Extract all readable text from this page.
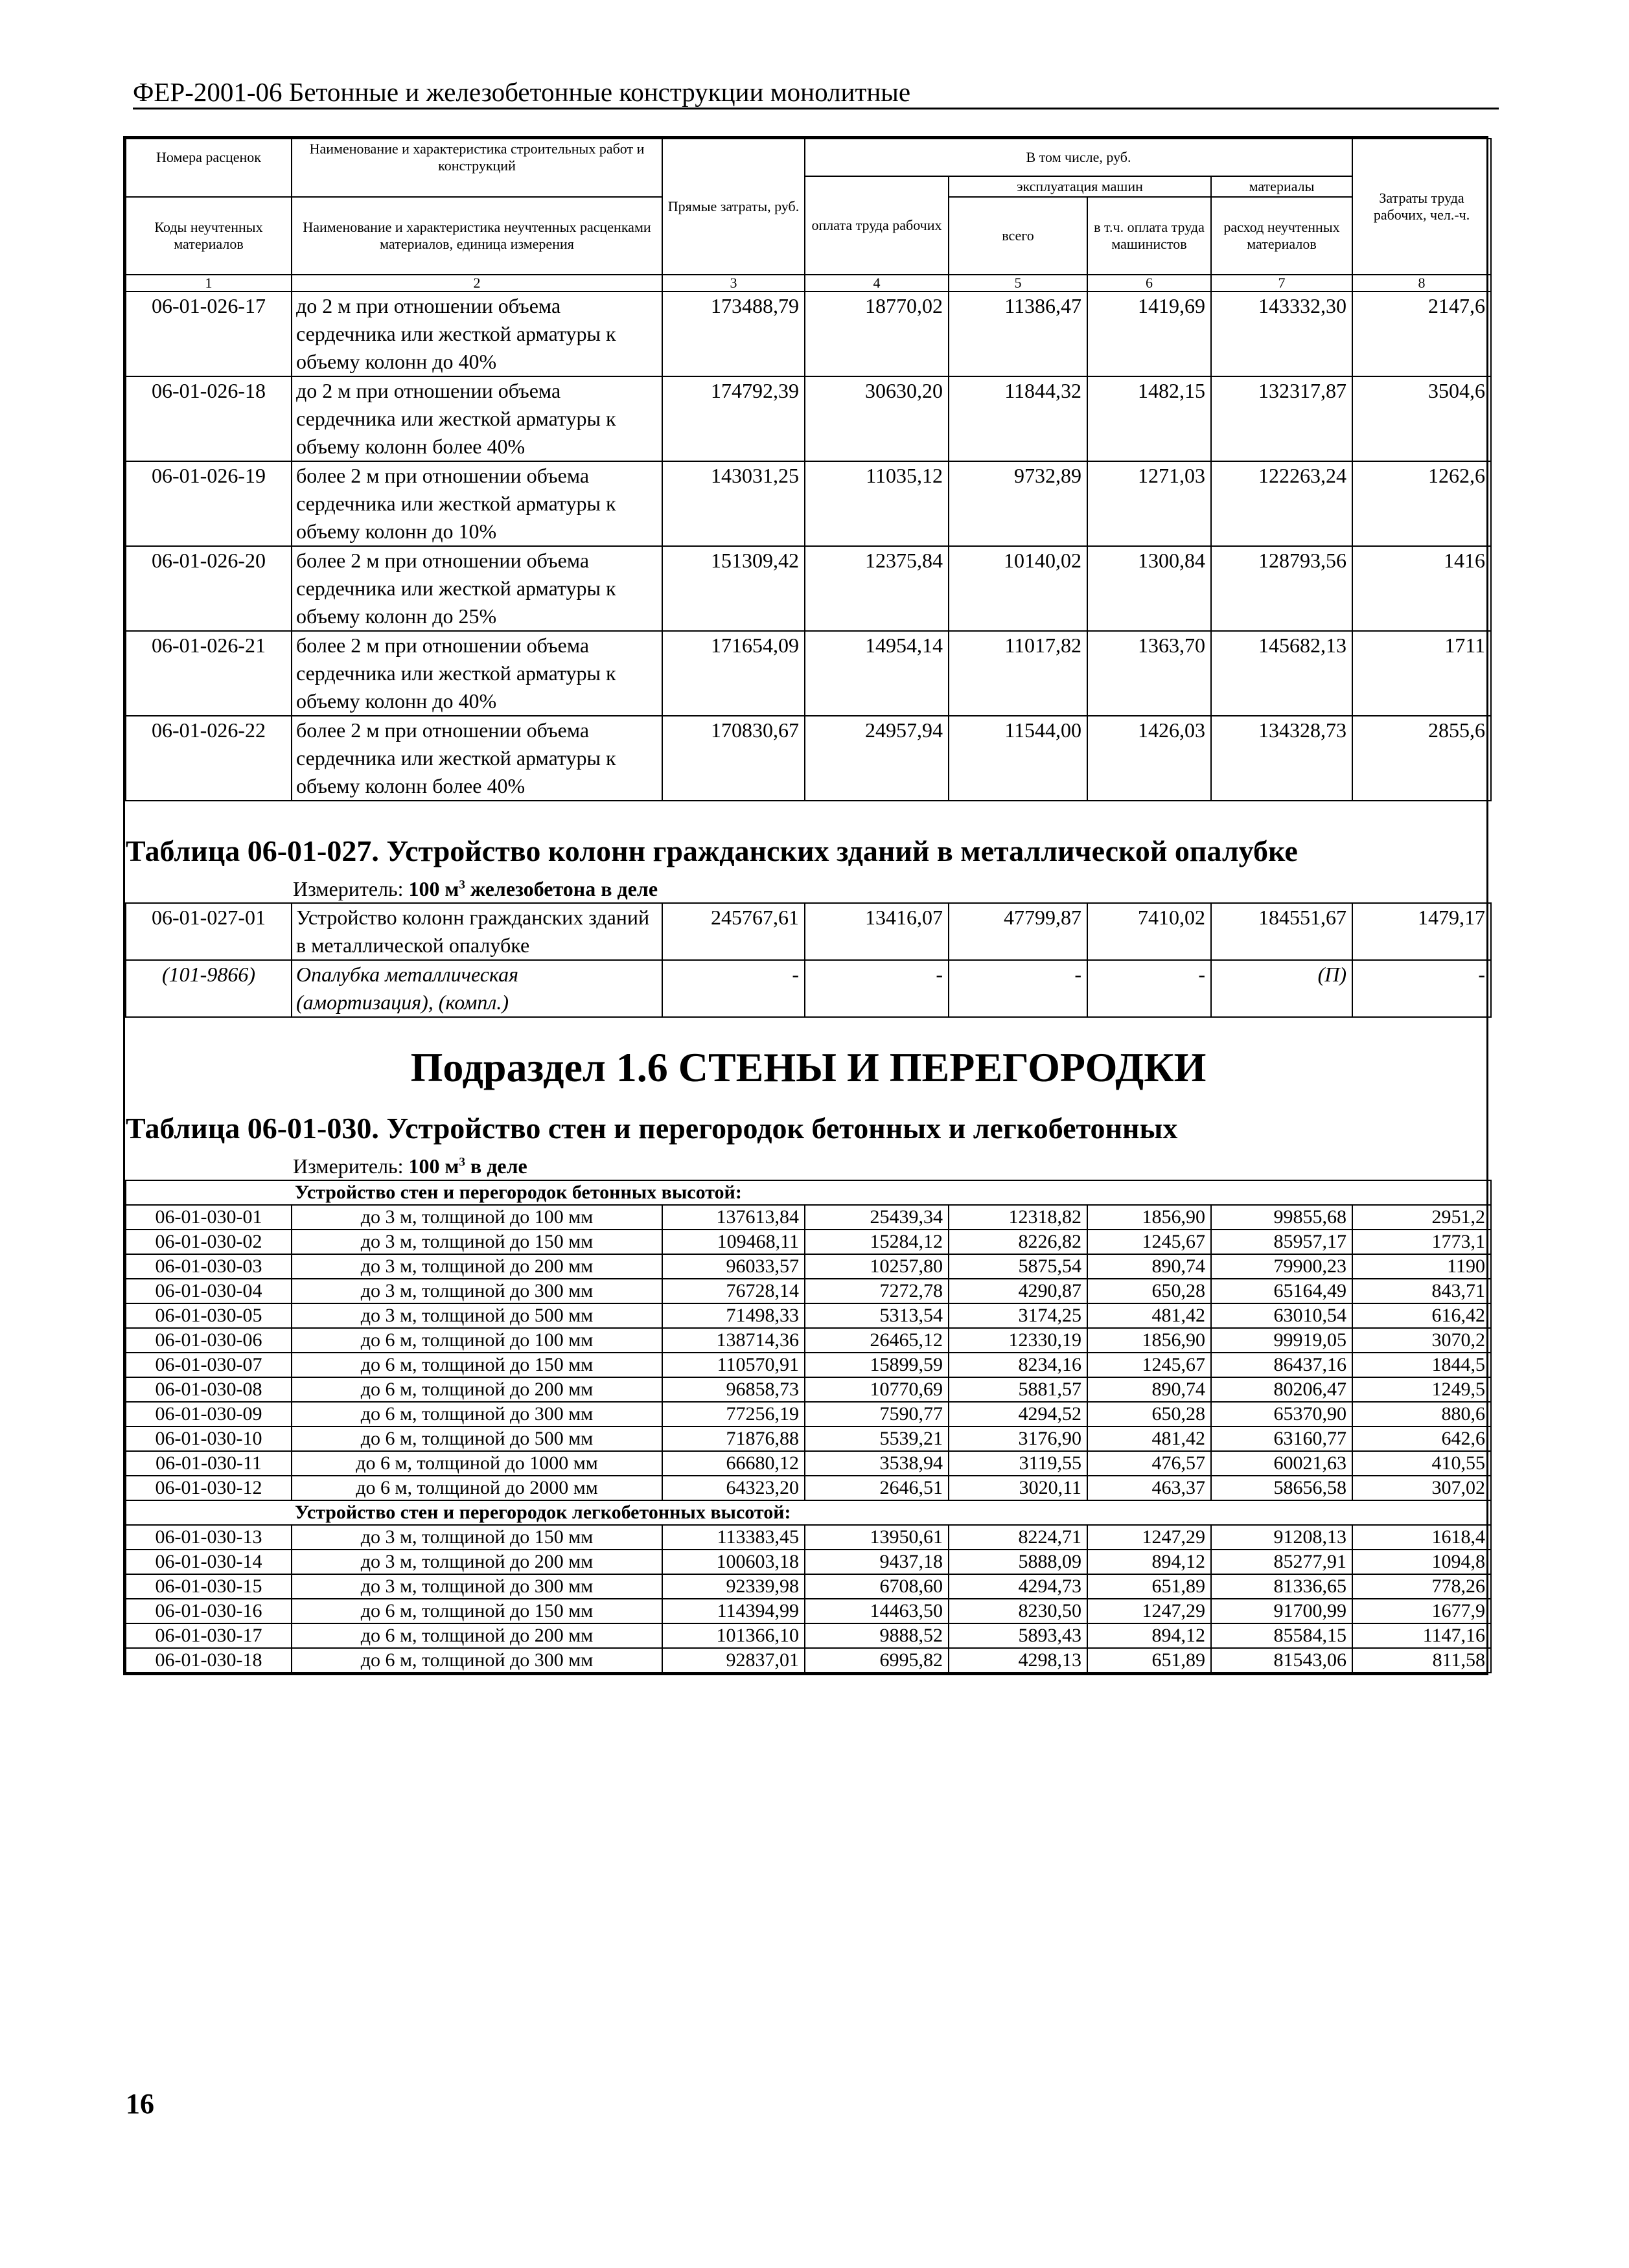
ФЕР-2001-06 Бетонные и железобетонные конструкции монолитные
Номера расценок	Наименование и характеристика строительных работ и конструкций	Прямые затраты, руб.	В том числе, руб.				Затраты труда рабочих, чел.-ч.
			оплата труда рабочих	эксплуатация машин		материалы	
Коды неучтенных материалов	Наименование и характеристика неучтенных расценками материалов, единица измерения			всего	в т.ч. оплата труда машинистов	расход неучтенных материалов	
1	2	3	4	5	6	7	8
06-01-026-17	до 2 м при отношении объема сердечника или жесткой арматуры к объему колонн до 40%	173488,79	18770,02	11386,47	1419,69	143332,30	2147,6
06-01-026-18	до 2 м при отношении объема сердечника или жесткой арматуры к объему колонн более 40%	174792,39	30630,20	11844,32	1482,15	132317,87	3504,6
06-01-026-19	более 2 м при отношении объема сердечника или жесткой арматуры к объему колонн до 10%	143031,25	11035,12	9732,89	1271,03	122263,24	1262,6
06-01-026-20	более 2 м при отношении объема сердечника или жесткой арматуры к объему колонн до 25%	151309,42	12375,84	10140,02	1300,84	128793,56	1416
06-01-026-21	более 2 м при отношении объема сердечника или жесткой арматуры к объему колонн до 40%	171654,09	14954,14	11017,82	1363,70	145682,13	1711
06-01-026-22	более 2 м при отношении объема сердечника или жесткой арматуры к объему колонн более 40%	170830,67	24957,94	11544,00	1426,03	134328,73	2855,6

Таблица 06-01-027. Устройство колонн гражданских зданий в металлической опалубке
Измеритель: 100 $м^3$ железобетона в деле							

06-01-027-01	Устройство колонн гражданских зданий в металлической опалубке	245767,61	13416,07	47799,87	7410,02	184551,67	1479,17
(101-9866)	Опалубка металлическая (амортизация), (компл.)	-	-	-	-	(П)	-

Подраздел 1.6 СТЕНЫ И ПЕРЕГОРОДКИ
Таблица 06-01-030. Устройство стен и перегородок бетонных и легкобетонных
Измеритель: 100 $м^3$ в деле							

Устройство стен и перегородок бетонных высотой:							
06-01-030-01	до 3 м, толщиной до 100 мм	137613,84	25439,34	12318,82	1856,90	99855,68	2951,2
06-01-030-02	до 3 м, толщиной до 150 мм	109468,11	15284,12	8226,82	1245,67	85957,17	1773,1
06-01-030-03	до 3 м, толщиной до 200 мм	96033,57	10257,80	5875,54	890,74	79900,23	1190
06-01-030-04	до 3 м, толщиной до 300 мм	76728,14	7272,78	4290,87	650,28	65164,49	843,71
06-01-030-05	до 3 м, толщиной до 500 мм	71498,33	5313,54	3174,25	481,42	63010,54	616,42
06-01-030-06	до 6 м, толщиной до 100 мм	138714,36	26465,12	12330,19	1856,90	99919,05	3070,2
06-01-030-07	до 6 м, толщиной до 150 мм	110570,91	15899,59	8234,16	1245,67	86437,16	1844,5
06-01-030-08	до 6 м, толщиной до 200 мм	96858,73	10770,69	5881,57	890,74	80206,47	1249,5
06-01-030-09	до 6 м, толщиной до 300 мм	77256,19	7590,77	4294,52	650,28	65370,90	880,6
06-01-030-10	до 6 м, толщиной до 500 мм	71876,88	5539,21	3176,90	481,42	63160,77	642,6
06-01-030-11	до 6 м, толщиной до 1000 мм	66680,12	3538,94	3119,55	476,57	60021,63	410,55
06-01-030-12	до 6 м, толщиной до 2000 мм	64323,20	2646,51	3020,11	463,37	58656,58	307,02
Устройство стен и перегородок легкобетонных высотой:							
06-01-030-13	до 3 м, толщиной до 150 мм	113383,45	13950,61	8224,71	1247,29	91208,13	1618,4
06-01-030-14	до 3 м, толщиной до 200 мм	100603,18	9437,18	5888,09	894,12	85277,91	1094,8
06-01-030-15	до 3 м, толщиной до 300 мм	92339,98	6708,60	4294,73	651,89	81336,65	778,26
06-01-030-16	до 6 м, толщиной до 150 мм	114394,99	14463,50	8230,50	1247,29	91700,99	1677,9
06-01-030-17	до 6 м, толщиной до 200 мм	101366,10	9888,52	5893,43	894,12	85584,15	1147,16
06-01-030-18	до 6 м, толщиной до 300 мм	92837,01	6995,82	4298,13	651,89	81543,06	811,58
16
